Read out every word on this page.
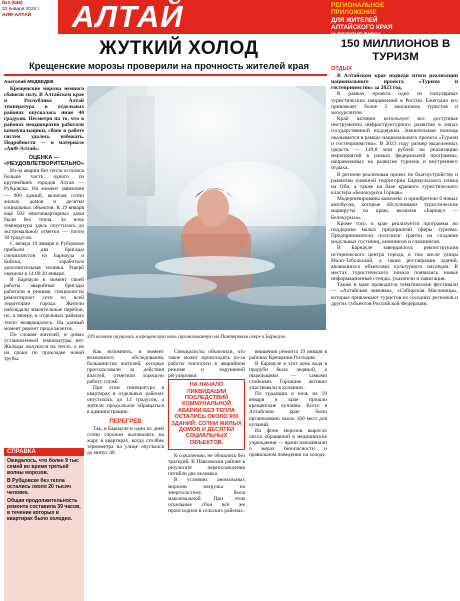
№3 (949)
23 января 2024 г.
АИФ-АЛТАЙ	АЛТАЙ	РЕГИОНАЛЬНОЕ
ПРИЛОЖЕНИЕ
ДЛЯ ЖИТЕЛЕЙ
АЛТАЙСКОГО КРАЯ
И РЕСПУБЛИКИ
ЖУТКИЙ ХОЛОД
Крещенские морозы проверили на прочность жителей края
Анатолий МЕДВЕДЕВ

Крещенские морозы немного сбавили силу. В Алтайском крае и Республике Алтай температура в отдельных районах опускалась ниже 40 градусов. Несмотря на то, что в районах неоднократно работали коммунальщики, сбоев в работе систем удалось избежать. Подробности — в материале «АиФ-Алтай».

ОЦЕНКА — «НЕУДОВЛЕТВОРИТЕЛЬНО»

Из-за аварии без тепла остались больше часть одного из крупнейших городов Алтая — Рубцовска. На момент заявления — 900 зданий, включая сотни жилых домов и десятки социальных объектов. К 19 января ещё 502 многоквартирных дома были без тепла. За ночь температура здесь опустилась до экстремальной отметки — почти 30 градусов.

С вечера 19 января в Рубцовске прибыли два бригады специалистов из Барнаула и Бийска, заработала дополнительная техника. Ущерб оценили в 14.00 20 января.

В Барнауле в момент своей работы аварийные бригады работали в режиме, специалисты ремонтируют сети по всей территории города. Жители наблюдали значительные перебои, но, к вечеру, в отдельных районах тепло возвращалось. На данный момент ремонт продолжается.

По словам жителей, в домах установленной температуры нет. Жильцы жалуются на тепло, а не на сроки по прокладке новой трубы.

СПРАВКА

Ожидалось, что более 9 тыс семей во время третьей волны морозов.

В Рубцовске без тепла остались около 20 тысяч человек.

Общая продолжительность ремонта составила 39 часов, в течение которых в квартирах было холодно.

339 человек окунулись в крещенскую ночь организованную на Пантеровом озере в Барнауле.

Как вспомнить, в момент возможного обследования, большинство жителей, которые проголосовали за действия властей, отметили хорошую работу служб.

При этом температура в квартирах в отдельных районах опустилась до 12 градусов, а жители продолжали обращаться в администрацию.

ПЕРЕГРЕВ

Так, в Барнауле в один из дней сотни горожан жаловались на жару в квартирах, когда столбик термометра на улице опускался до минус 40.

Специалисты объяснили, что такое может происходить из-за работы теплосети в аварийном режиме и нарушений регулировки.

НА НАЧАЛО ЛИКВИДАЦИИ ПОСЛЕДСТВИЙ КОММУНАЛЬНОЙ АВАРИИ БЕЗ ТЕПЛА ОСТАЛИСЬ ОКОЛО 900 ЗДАНИЙ: СОТНИ ЖИЛЫХ ДОМОВ И ДЕСЯТКИ СОЦИАЛЬНЫХ ОБЪЕКТОВ.

К сожалению, не обошлось без трагедий. В Павловском районе в результате переохлаждения погибли два человека.

В условиях аномальных морозов нагрузка на энергосистему была максимальной. При этом отдельные сбои всё же происходили в сельских районах.

вершения ремонта 19 января в районах Крещения Господня.

В Барнауле в этот день вода в проруби была ледяной, а ныряльщики — самыми стойкими. Горожане активно участвовали в купаниях.

По традиции в ночь на 19 января в крае прошли крещенские купания. Всего в Алтайском крае было организовано около 100 мест для купаний.

На фоне морозов выросло число обращений в медицинские учреждения — врачи напоминали о мерах безопасности и правильном поведении на холоде.

150 МИЛЛИОНОВ В ТУРИЗМ
ОТДЫХ

В Алтайском крае подведи итоги реализации национального проекта «Туризм и гостеприимство» за 2023 год.

В рамках проекта одно из популярных туристических направлений в России. Ежегодно его привлекает более 3 миллионов туристов и экскурсантов.

Край активно использует все доступные инструменты инфраструктурного развития в мерах государственной поддержки. Значительная помощь оказывается в рамках национального проекта «Туризм и гостеприимство». В 2023 году размер выделенных средств — 149,8 млн рублей на реализацию мероприятий в рамках федеральной программы, направленных на развитие туризма и внутреннего отдыха.

В регионе реализован проект по благоустройству и развитию пляжной территории Барнаульского пляжа на Оби, а также на базе краевого туристического кластера «Белокуриха Горная».

Модернизированы комплекс и приобретено 6 новых автобусов, которые обслуживают туристические маршруты по краю, включая «Барнаул — Белокуриха».

Кроме того, в крае реализуется программа по поддержке малых предприятий сферы туризма. Предприниматели получили гранты на создание модульных гостиниц, кемпингов и глэмпингов.

В Барнауле завершилось реконструкция исторического центра города, в том числе улицы Мало-Тобольской, а также реставрация зданий, являющихся объектами культурного наследия. В местах туристического показа появились новые информационные стенды, указатели и навигация.

Также в крае проводятся тематические фестивали — «Алтайская зимовка», «Сибирская Масленица», которые привлекают туристов из соседних регионов и других субъектов Российской Федерации.
